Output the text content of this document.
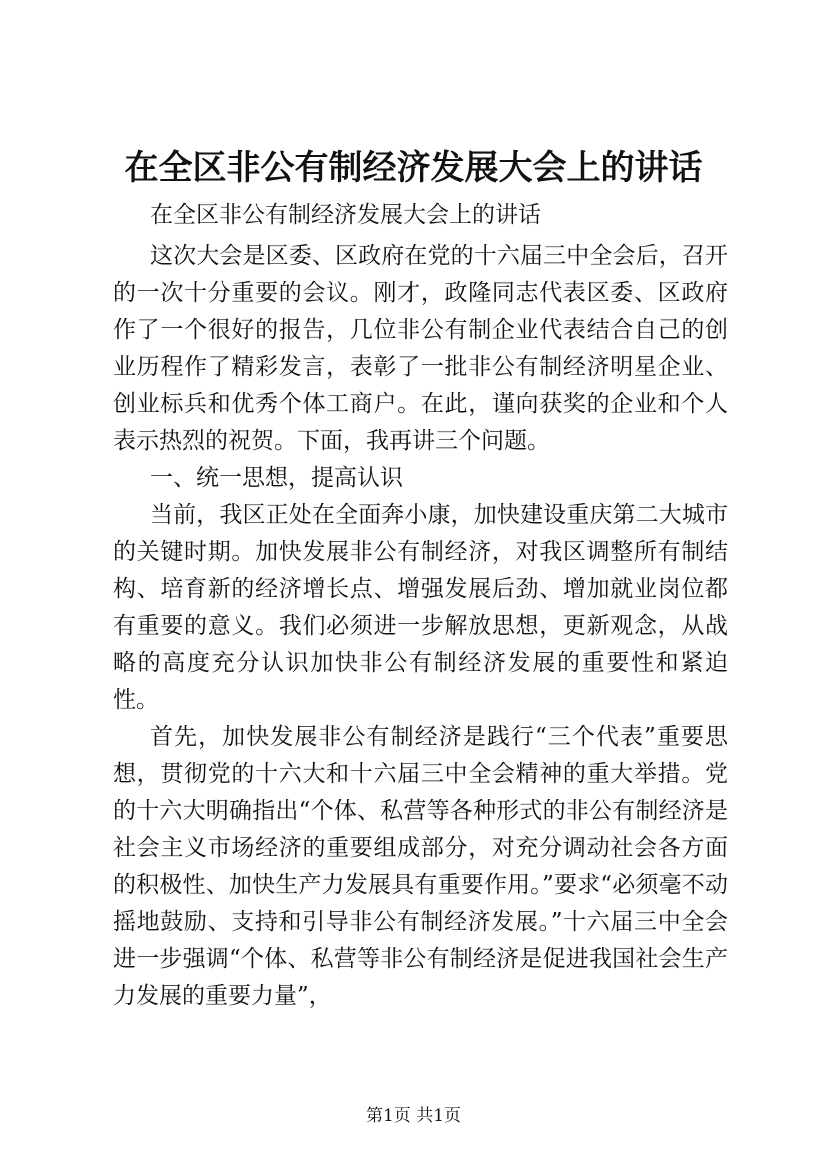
在全区非公有制经济发展大会上的讲话
在全区非公有制经济发展大会上的讲话

这次大会是区委、区政府在党的十六届三中全会后，召开的一次十分重要的会议。刚才，政隆同志代表区委、区政府作了一个很好的报告，几位非公有制企业代表结合自己的创业历程作了精彩发言，表彰了一批非公有制经济明星企业、创业标兵和优秀个体工商户。在此，谨向获奖的企业和个人表示热烈的祝贺。下面，我再讲三个问题。

一、统一思想，提高认识

当前，我区正处在全面奔小康，加快建设重庆第二大城市的关键时期。加快发展非公有制经济，对我区调整所有制结构、培育新的经济增长点、增强发展后劲、增加就业岗位都有重要的意义。我们必须进一步解放思想，更新观念，从战略的高度充分认识加快非公有制经济发展的重要性和紧迫性。

首先，加快发展非公有制经济是践行“三个代表”重要思想，贯彻党的十六大和十六届三中全会精神的重大举措。党的十六大明确指出“个体、私营等各种形式的非公有制经济是社会主义市场经济的重要组成部分，对充分调动社会各方面的积极性、加快生产力发展具有重要作用。”要求“必须毫不动摇地鼓励、支持和引导非公有制经济发展。”十六届三中全会进一步强调“个体、私营等非公有制经济是促进我国社会生产力发展的重要力量”，

第1页 共1页
